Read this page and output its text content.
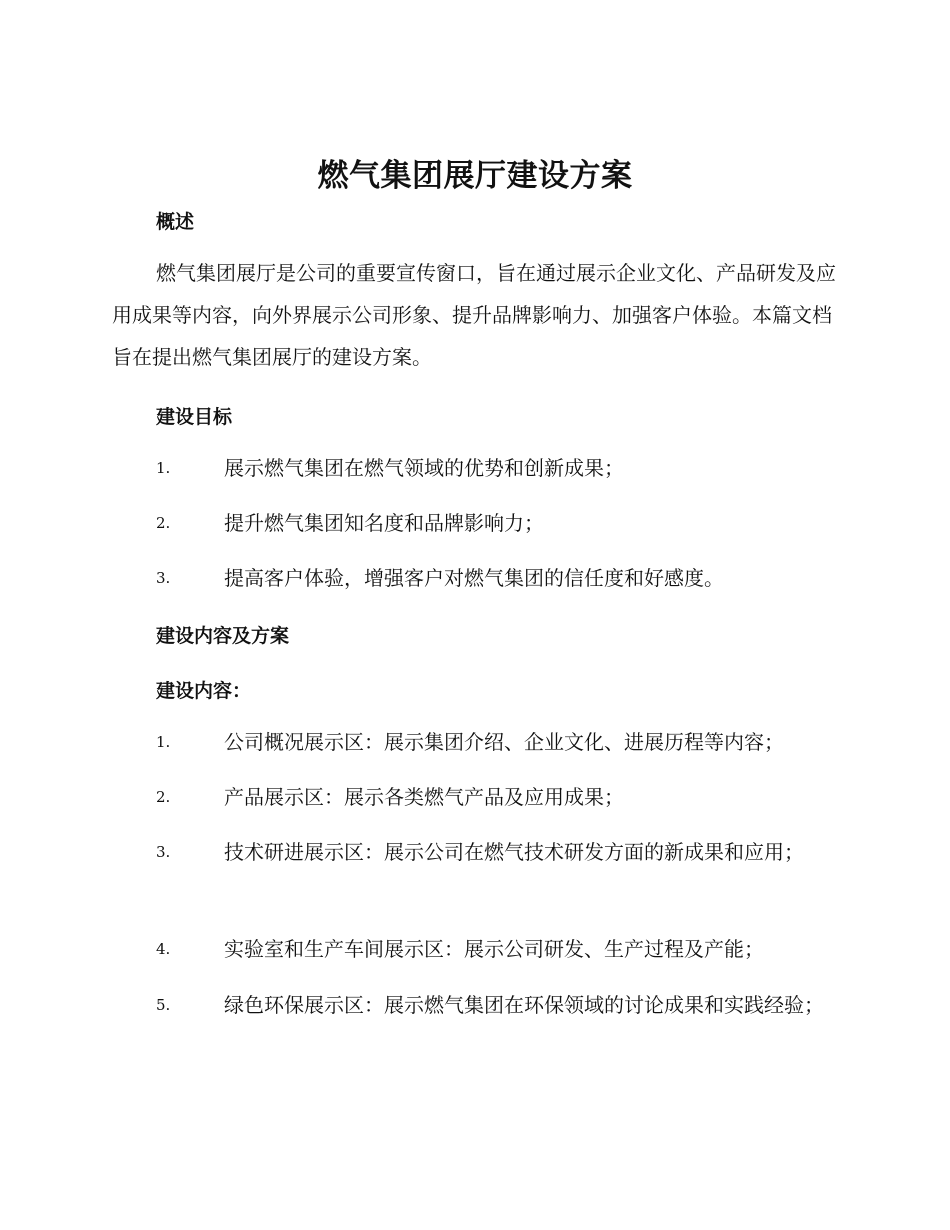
燃气集团展厅建设方案
概述

燃气集团展厅是公司的重要宣传窗口，旨在通过展示企业文化、产品研发及应用成果等内容，向外界展示公司形象、提升品牌影响力、加强客户体验。本篇文档旨在提出燃气集团展厅的建设方案。

建设目标
1.	展示燃气集团在燃气领域的优势和创新成果；
2.	提升燃气集团知名度和品牌影响力；
3.	提高客户体验，增强客户对燃气集团的信任度和好感度。
建设内容及方案
建设内容：
1.	公司概况展示区：展示集团介绍、企业文化、进展历程等内容；
2.	产品展示区：展示各类燃气产品及应用成果；
3.	技术研进展示区：展示公司在燃气技术研发方面的新成果和应用；
4.	实验室和生产车间展示区：展示公司研发、生产过程及产能；
5.	绿色环保展示区：展示燃气集团在环保领域的讨论成果和实践经验；
